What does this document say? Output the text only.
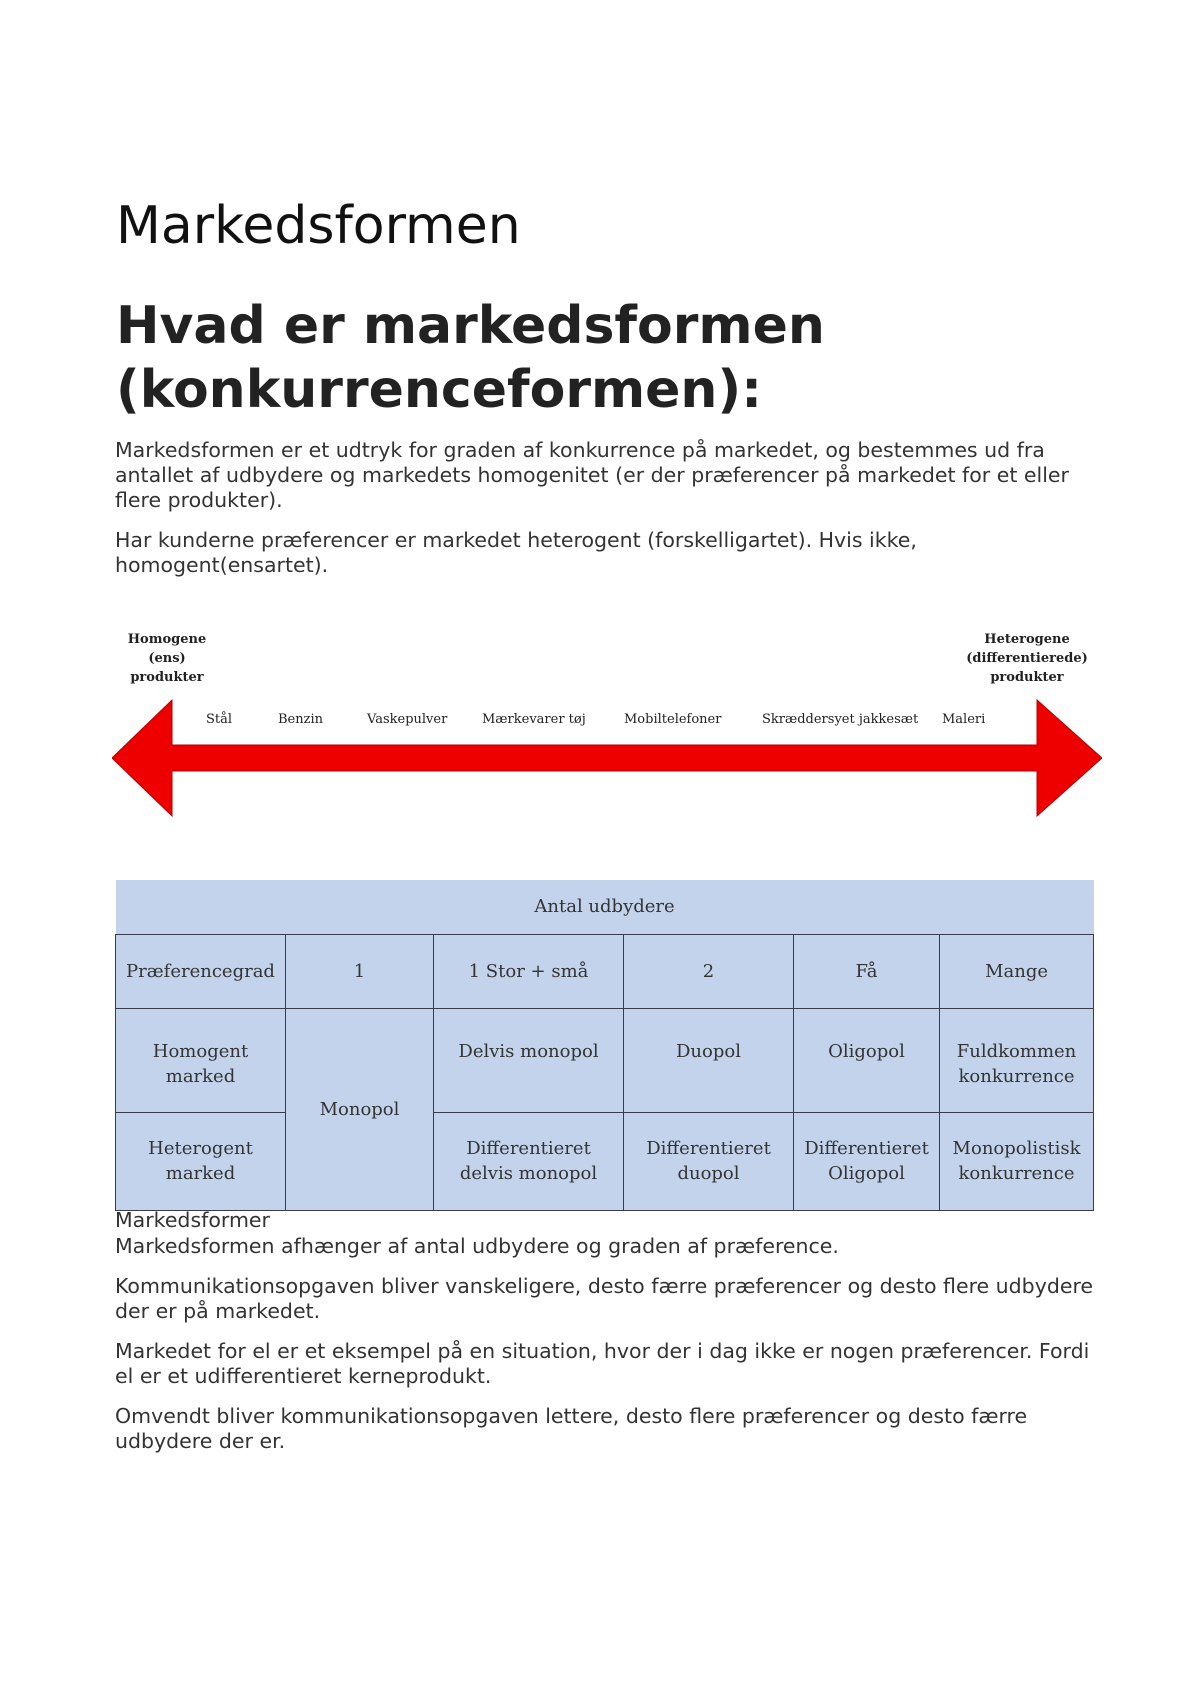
Markedsformen
Hvad er markedsformen (konkurrenceformen):

Markedsformen er et udtryk for graden af konkurrence på markedet, og bestemmes ud fra antallet af udbydere og markedets homogenitet (er der præferencer på markedet for et eller flere produkter).

Har kunderne præferencer er markedet heterogent (forskelligartet). Hvis ikke, homogent(ensartet).

Homogene
(ens)
produkter
Heterogene
(differentierede)
produkter
Stål	Benzin	Vaskepulver	Mærkevarer tøj	Mobiltelefoner	Skræddersyet jakkesæt Maleri
Antal udbydere					
Præferencegrad	1	1 Stor + små	2	Få	Mange
Homogent marked	Monopol	Delvis monopol	Duopol	Oligopol	Fuldkommen konkurrence
Heterogent marked		Differentieret delvis monopol	Differentieret duopol	Differentieret Oligopol	Monopolistisk konkurrence

Markedsformer

Markedsformen afhænger af antal udbydere og graden af præference.

Kommunikationsopgaven bliver vanskeligere, desto færre præferencer og desto flere udbydere der er på markedet.

Markedet for el er et eksempel på en situation, hvor der i dag ikke er nogen præferencer. Fordi el er et udifferentieret kerneprodukt.

Omvendt bliver kommunikationsopgaven lettere, desto flere præferencer og desto færre udbydere der er.
